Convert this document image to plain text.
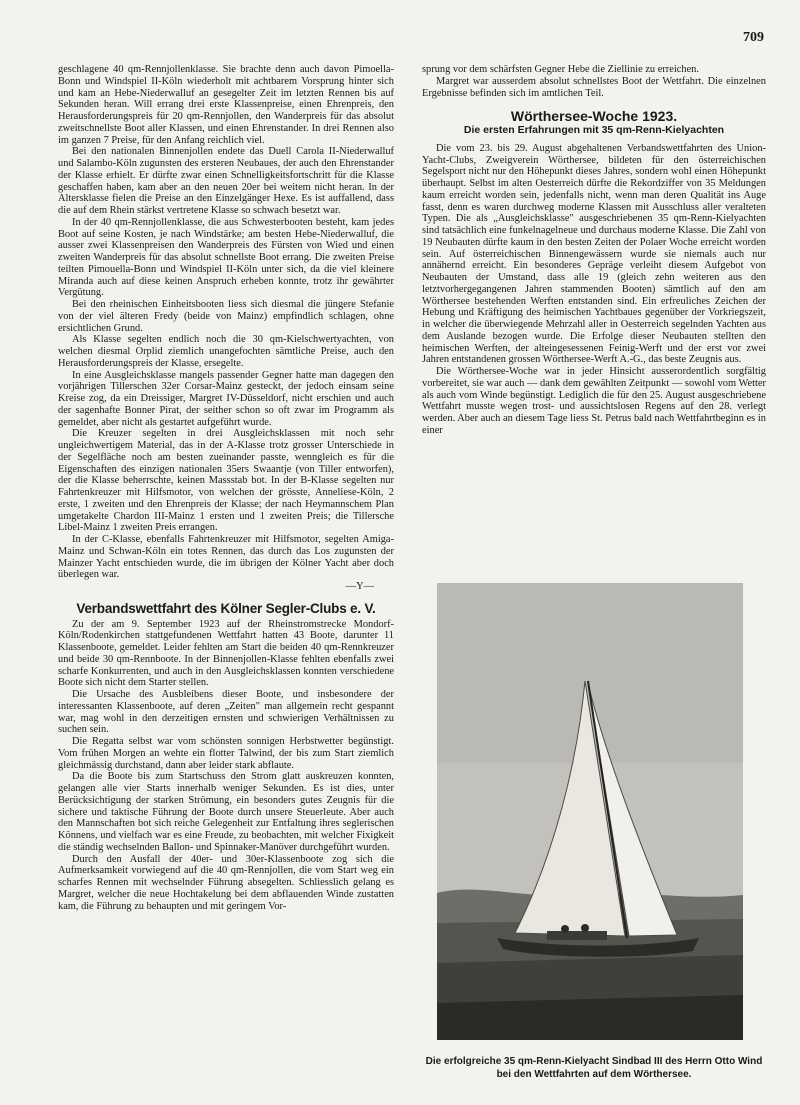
709

geschlagene 40 qm-Rennjollenklasse. Sie brachte denn auch davon Pimoella-Bonn und Windspiel II-Köln wiederholt mit achtbarem Vorsprung hinter sich und kam an Hebe-Niederwalluf an gesegelter Zeit im letzten Rennen bis auf Sekunden heran. Will errang drei erste Klassenpreise, einen Ehrenpreis, den Herausforderungspreis für 20 qm-Rennjollen, den Wanderpreis für das absolut zweitschnellste Boot aller Klassen, und einen Ehrenstander. In drei Rennen also im ganzen 7 Preise, für den Anfang reichlich viel.

Bei den nationalen Binnenjollen endete das Duell Carola II-Niederwalluf und Salambo-Köln zugunsten des ersteren Neubaues, der auch den Ehrenstander der Klasse erhielt. Er dürfte zwar einen Schnelligkeitsfortschritt für die Klasse geschaffen haben, kam aber an den neuen 20er bei weitem nicht heran. In der Altersklasse fielen die Preise an den Einzelgänger Hexe. Es ist auffallend, dass die auf dem Rhein stärkst vertretene Klasse so schwach besetzt war.

In der 40 qm-Rennjollenklasse, die aus Schwesterbooten besteht, kam jedes Boot auf seine Kosten, je nach Windstärke; am besten Hebe-Niederwalluf, die ausser zwei Klassenpreisen den Wanderpreis des Fürsten von Wied und einen zweiten Wanderpreis für das absolut schnellste Boot errang. Die zweiten Preise teilten Pimouella-Bonn und Windspiel II-Köln unter sich, da die viel kleinere Miranda auch auf diese keinen Anspruch erheben konnte, trotz ihr gewährter Vergütung.

Bei den rheinischen Einheitsbooten liess sich diesmal die jüngere Stefanie von der viel älteren Fredy (beide von Mainz) empfindlich schlagen, ohne ersichtlichen Grund.

Als Klasse segelten endlich noch die 30 qm-Kielschwertyachten, von welchen diesmal Orplid ziemlich unangefochten sämtliche Preise, auch den Herausforderungspreis der Klasse, ersegelte.

In eine Ausgleichsklasse mangels passender Gegner hatte man dagegen den vorjährigen Tillerschen 32er Corsar-Mainz gesteckt, der jedoch einsam seine Kreise zog, da ein Dreissiger, Margret IV-Düsseldorf, nicht erschien und auch der sagenhafte Bonner Pirat, der seither schon so oft zwar im Programm als gemeldet, aber nicht als gestartet aufgeführt wurde.

Die Kreuzer segelten in drei Ausgleichsklassen mit noch sehr ungleichwertigem Material, das in der A-Klasse trotz grosser Unterschiede in der Segelfläche noch am besten zueinander passte, wenngleich es für die Eigenschaften des einzigen nationalen 35ers Swaantje (von Tiller entworfen), der die Klasse beherrschte, keinen Massstab bot. In der B-Klasse segelten nur Fahrtenkreuzer mit Hilfsmotor, von welchen der grösste, Anneliese-Köln, 2 erste, 1 zweiten und den Ehrenpreis der Klasse; der nach Heymannschem Plan umgetakelte Chardon III-Mainz 1 ersten und 1 zweiten Preis; die Tillersche Libel-Mainz 1 zweiten Preis errangen.

In der C-Klasse, ebenfalls Fahrtenkreuzer mit Hilfsmotor, segelten Amiga-Mainz und Schwan-Köln ein totes Rennen, das durch das Los zugunsten der Mainzer Yacht entschieden wurde, die im übrigen der Kölner Yacht aber doch überlegen war.

—Y—

Verbandswettfahrt des Kölner Segler-Clubs e. V.

Zu der am 9. September 1923 auf der Rheinstromstrecke Mondorf-Köln/Rodenkirchen stattgefundenen Wettfahrt hatten 43 Boote, darunter 11 Klassenboote, gemeldet. Leider fehlten am Start die beiden 40 qm-Rennkreuzer und beide 30 qm-Rennboote. In der Binnenjollen-Klasse fehlten ebenfalls zwei scharfe Konkurrenten, und auch in den Ausgleichsklassen konnten verschiedene Boote sich nicht dem Starter stellen.

Die Ursache des Ausbleibens dieser Boote, und insbesondere der interessanten Klassenboote, auf deren „Zeiten" man allgemein recht gespannt war, mag wohl in den derzeitigen ernsten und schwierigen Verhältnissen zu suchen sein.

Die Regatta selbst war vom schönsten sonnigen Herbstwetter begünstigt. Vom frühen Morgen an wehte ein flotter Talwind, der bis zum Start ziemlich gleichmässig durchstand, dann aber leider stark abflaute.

Da die Boote bis zum Startschuss den Strom glatt auskreuzen konnten, gelangen alle vier Starts innerhalb weniger Sekunden. Es ist dies, unter Berücksichtigung der starken Strömung, ein besonders gutes Zeugnis für die sichere und taktische Führung der Boote durch unsere Steuerleute. Aber auch den Mannschaften bot sich reiche Gelegenheit zur Entfaltung ihres seglerischen Könnens, und vielfach war es eine Freude, zu beobachten, mit welcher Fixigkeit die ständig wechselnden Ballon- und Spinnaker-Manöver durchgeführt wurden.

Durch den Ausfall der 40er- und 30er-Klassenboote zog sich die Aufmerksamkeit vorwiegend auf die 40 qm-Rennjollen, die vom Start weg ein scharfes Rennen mit wechselnder Führung absegelten. Schliesslich gelang es Margret, welcher die neue Hochtakelung bei dem abflauenden Winde zustatten kam, die Führung zu behaupten und mit geringem Vor-

sprung vor dem schärfsten Gegner Hebe die Ziellinie zu erreichen.

Margret war ausserdem absolut schnellstes Boot der Wettfahrt. Die einzelnen Ergebnisse befinden sich im amtlichen Teil.

Wörthersee-Woche 1923.
Die ersten Erfahrungen mit 35 qm-Renn-Kielyachten

Die vom 23. bis 29. August abgehaltenen Verbandswettfahrten des Union-Yacht-Clubs, Zweigverein Wörthersee, bildeten für den österreichischen Segelsport nicht nur den Höhepunkt dieses Jahres, sondern wohl einen Höhepunkt überhaupt. Selbst im alten Oesterreich dürfte die Rekordziffer von 35 Meldungen kaum erreicht worden sein, jedenfalls nicht, wenn man deren Qualität ins Auge fasst, denn es waren durchweg moderne Klassen mit Ausschluss aller veralteten Typen. Die als „Ausgleichsklasse" ausgeschriebenen 35 qm-Renn-Kielyachten sind tatsächlich eine funkelnagelneue und durchaus moderne Klasse. Die Zahl von 19 Neubauten dürfte kaum in den besten Zeiten der Polaer Woche erreicht worden sein. Auf österreichischen Binnengewässern wurde sie niemals auch nur annähernd erreicht. Ein besonderes Gepräge verleiht diesem Aufgebot von Neubauten der Umstand, dass alle 19 (gleich zehn weiteren aus den letztvorhergegangenen Jahren stammenden Booten) sämtlich auf den am Wörthersee bestehenden Werften entstanden sind. Ein erfreuliches Zeichen der Hebung und Kräftigung des heimischen Yachtbaues gegenüber der Vorkriegszeit, in welcher die überwiegende Mehrzahl aller in Oesterreich segelnden Yachten aus dem Auslande bezogen wurde. Die Erfolge dieser Neubauten stellten den heimischen Werften, der alteingesessenen Feinig-Werft und der erst vor zwei Jahren entstandenen grossen Wörthersee-Werft A.-G., das beste Zeugnis aus.

Die Wörthersee-Woche war in jeder Hinsicht ausserordentlich sorgfältig vorbereitet, sie war auch — dank dem gewählten Zeitpunkt — sowohl vom Wetter als auch vom Winde begünstigt. Lediglich die für den 25. August ausgeschriebene Wettfahrt musste wegen trost- und aussichtslosen Regens auf den 28. verlegt werden. Aber auch an diesem Tage liess St. Petrus bald nach Wettfahrtbeginn es in einer

Die erfolgreiche 35 qm-Renn-Kielyacht Sindbad III des Herrn Otto Wind bei den Wettfahrten auf dem Wörthersee.
